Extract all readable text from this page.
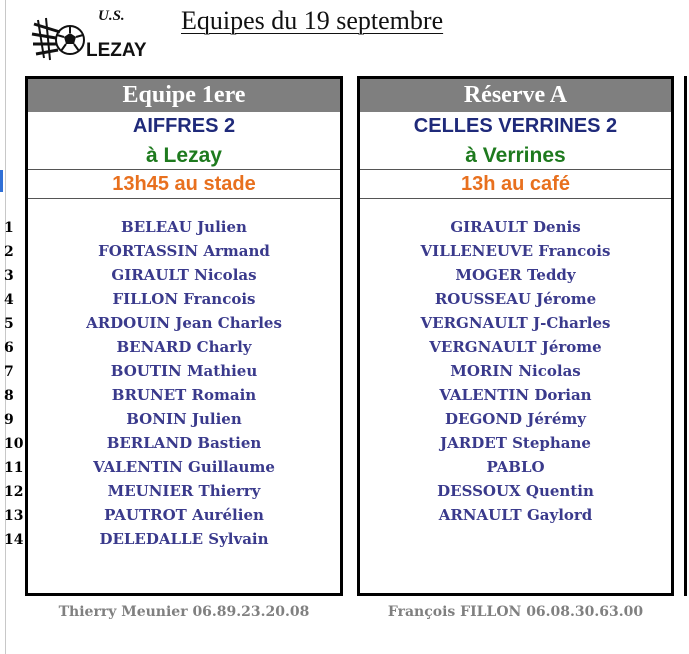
U.S.
LEZAY
Equipes du 19 septembre
1
2
3
4
5
6
7
8
9
10
11
12
13
14
Equipe 1ere
AIFFRES 2
à Lezay
13h45 au stade
BELEAU Julien
FORTASSIN Armand
GIRAULT Nicolas
FILLON Francois
ARDOUIN Jean Charles
BENARD Charly
BOUTIN Mathieu
BRUNET Romain
BONIN Julien
BERLAND Bastien
VALENTIN Guillaume
MEUNIER Thierry
PAUTROT Aurélien
DELEDALLE Sylvain
Réserve A
CELLES VERRINES 2
à Verrines
13h au café
GIRAULT Denis
VILLENEUVE Francois
MOGER Teddy
ROUSSEAU Jérome
VERGNAULT J-Charles
VERGNAULT Jérome
MORIN Nicolas
VALENTIN Dorian
DEGOND Jérémy
JARDET Stephane
PABLO
DESSOUX Quentin
ARNAULT Gaylord
Thierry Meunier 06.89.23.20.08	François FILLON 06.08.30.63.00
